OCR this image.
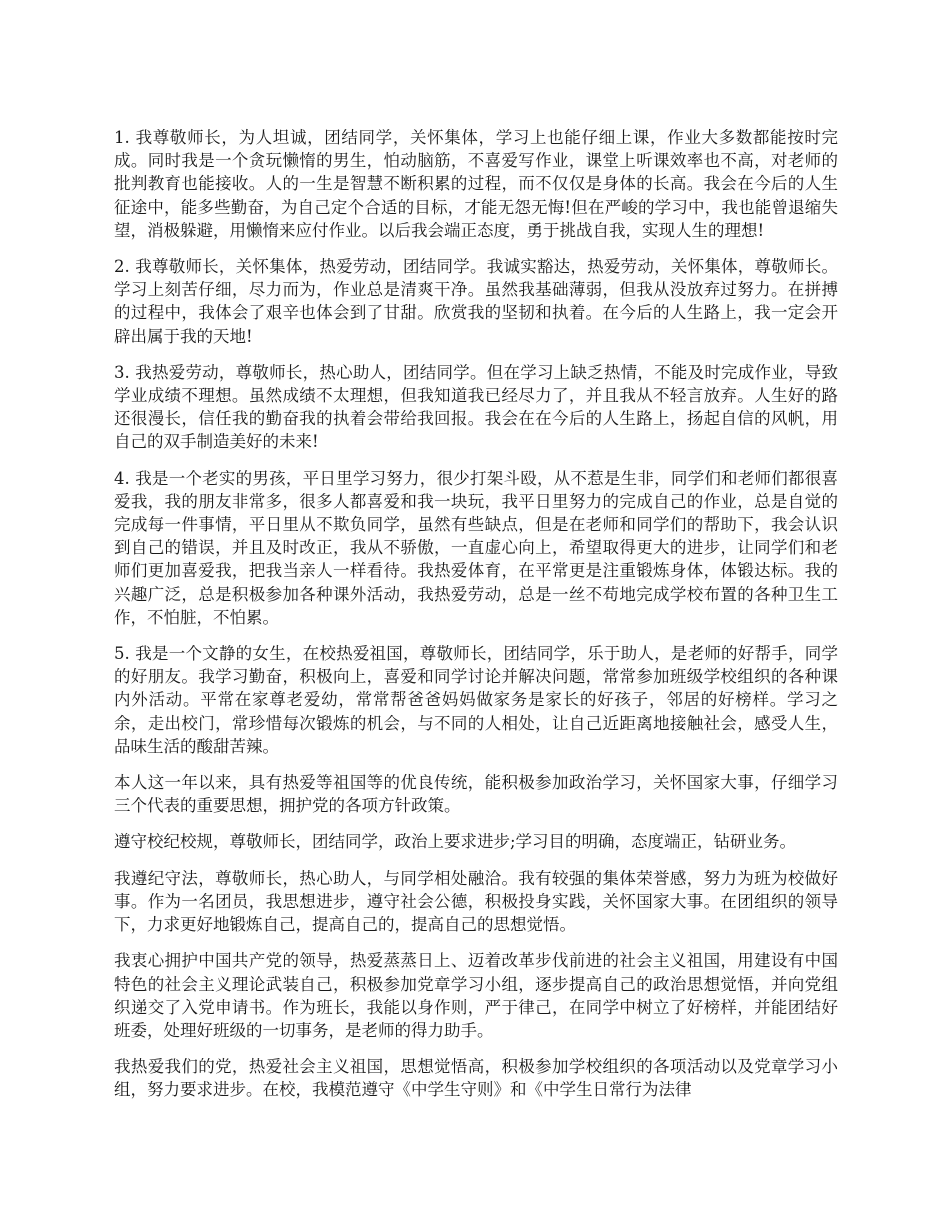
1. 我尊敬师长，为人坦诚，团结同学，关怀集体，学习上也能仔细上课，作业大多数都能按时完成。同时我是一个贪玩懒惰的男生，怕动脑筋，不喜爱写作业，课堂上听课效率也不高，对老师的批判教育也能接收。人的一生是智慧不断积累的过程，而不仅仅是身体的长高。我会在今后的人生征途中，能多些勤奋，为自己定个合适的目标，才能无怨无悔!但在严峻的学习中，我也能曾退缩失望，消极躲避，用懒惰来应付作业。以后我会端正态度，勇于挑战自我，实现人生的理想!

2. 我尊敬师长，关怀集体，热爱劳动，团结同学。我诚实豁达，热爱劳动，关怀集体，尊敬师长。学习上刻苦仔细，尽力而为，作业总是清爽干净。虽然我基础薄弱，但我从没放弃过努力。在拼搏的过程中，我体会了艰辛也体会到了甘甜。欣赏我的坚韧和执着。在今后的人生路上，我一定会开辟出属于我的天地!

3. 我热爱劳动，尊敬师长，热心助人，团结同学。但在学习上缺乏热情，不能及时完成作业，导致学业成绩不理想。虽然成绩不太理想，但我知道我已经尽力了，并且我从不轻言放弃。人生好的路还很漫长，信任我的勤奋我的执着会带给我回报。我会在在今后的人生路上，扬起自信的风帆，用自己的双手制造美好的未来!

4. 我是一个老实的男孩，平日里学习努力，很少打架斗殴，从不惹是生非，同学们和老师们都很喜爱我，我的朋友非常多，很多人都喜爱和我一块玩，我平日里努力的完成自己的作业，总是自觉的完成每一件事情，平日里从不欺负同学，虽然有些缺点，但是在老师和同学们的帮助下，我会认识到自己的错误，并且及时改正，我从不骄傲，一直虚心向上，希望取得更大的进步，让同学们和老师们更加喜爱我，把我当亲人一样看待。我热爱体育，在平常更是注重锻炼身体，体锻达标。我的兴趣广泛，总是积极参加各种课外活动，我热爱劳动，总是一丝不苟地完成学校布置的各种卫生工作，不怕脏，不怕累。

5. 我是一个文静的女生，在校热爱祖国，尊敬师长，团结同学，乐于助人，是老师的好帮手，同学的好朋友。我学习勤奋，积极向上，喜爱和同学讨论并解决问题，常常参加班级学校组织的各种课内外活动。平常在家尊老爱幼，常常帮爸爸妈妈做家务是家长的好孩子，邻居的好榜样。学习之余，走出校门，常珍惜每次锻炼的机会，与不同的人相处，让自己近距离地接触社会，感受人生，品味生活的酸甜苦辣。

本人这一年以来，具有热爱等祖国等的优良传统，能积极参加政治学习，关怀国家大事，仔细学习三个代表的重要思想，拥护党的各项方针政策。

遵守校纪校规，尊敬师长，团结同学，政治上要求进步;学习目的明确，态度端正，钻研业务。

我遵纪守法，尊敬师长，热心助人，与同学相处融洽。我有较强的集体荣誉感，努力为班为校做好事。作为一名团员，我思想进步，遵守社会公德，积极投身实践，关怀国家大事。在团组织的领导下，力求更好地锻炼自己，提高自己的，提高自己的思想觉悟。

我衷心拥护中国共产党的领导，热爱蒸蒸日上、迈着改革步伐前进的社会主义祖国，用建设有中国特色的社会主义理论武装自己，积极参加党章学习小组，逐步提高自己的政治思想觉悟，并向党组织递交了入党申请书。作为班长，我能以身作则，严于律己，在同学中树立了好榜样，并能团结好班委，处理好班级的一切事务，是老师的得力助手。

我热爱我们的党，热爱社会主义祖国，思想觉悟高，积极参加学校组织的各项活动以及党章学习小组，努力要求进步。在校，我模范遵守《中学生守则》和《中学生日常行为法律
